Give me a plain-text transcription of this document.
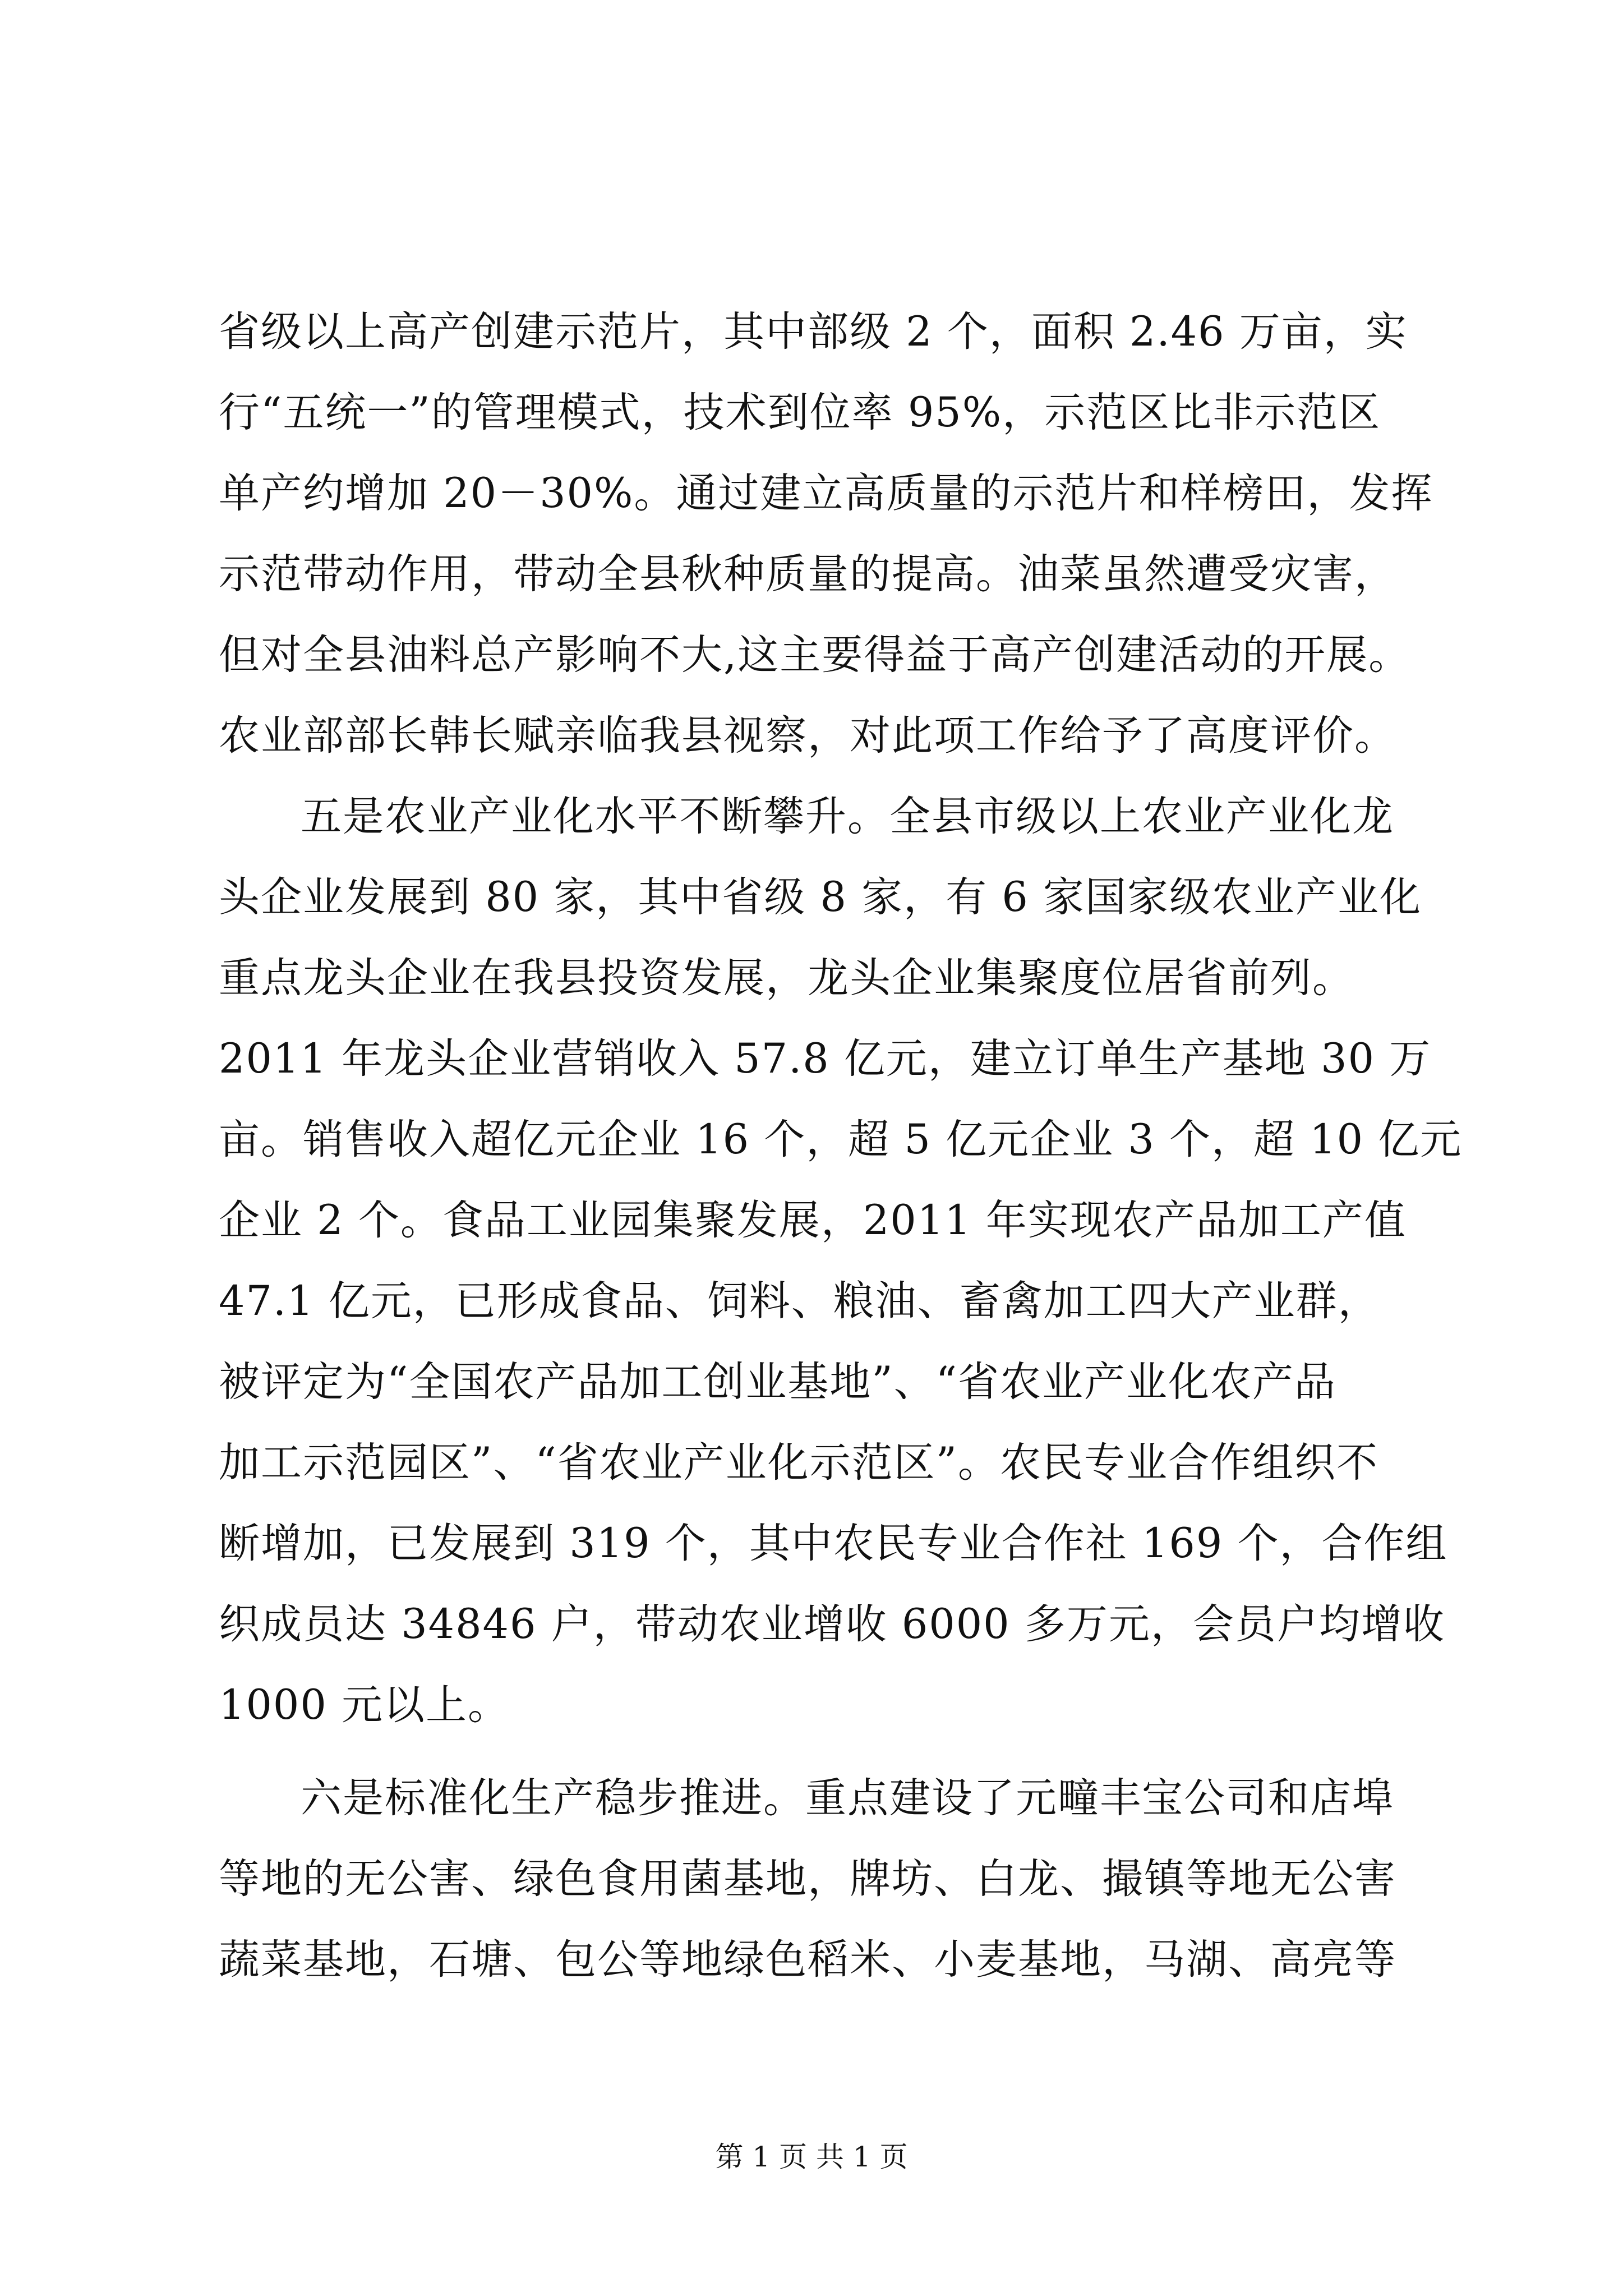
省级以上高产创建示范片，其中部级 2 个，面积 2.46 万亩，实
行“五统一”的管理模式，技术到位率 95%，示范区比非示范区
单产约增加 20－30%。通过建立高质量的示范片和样榜田，发挥
示范带动作用，带动全县秋种质量的提高。油菜虽然遭受灾害，
但对全县油料总产影响不大,这主要得益于高产创建活动的开展。
农业部部长韩长赋亲临我县视察，对此项工作给予了高度评价。
五是农业产业化水平不断攀升。全县市级以上农业产业化龙
头企业发展到 80 家，其中省级 8 家，有 6 家国家级农业产业化
重点龙头企业在我县投资发展，龙头企业集聚度位居省前列。
2011 年龙头企业营销收入 57.8 亿元，建立订单生产基地 30 万
亩。销售收入超亿元企业 16 个，超 5 亿元企业 3 个，超 10 亿元
企业 2 个。食品工业园集聚发展，2011 年实现农产品加工产值
47.1 亿元，已形成食品、饲料、粮油、畜禽加工四大产业群，
被评定为“全国农产品加工创业基地”、“省农业产业化农产品
加工示范园区”、“省农业产业化示范区”。农民专业合作组织不
断增加，已发展到 319 个，其中农民专业合作社 169 个，合作组
织成员达 34846 户，带动农业增收 6000 多万元，会员户均增收
1000 元以上。
六是标准化生产稳步推进。重点建设了元疃丰宝公司和店埠
等地的无公害、绿色食用菌基地，牌坊、白龙、撮镇等地无公害
蔬菜基地，石塘、包公等地绿色稻米、小麦基地，马湖、高亮等
第 1 页 共 1 页
